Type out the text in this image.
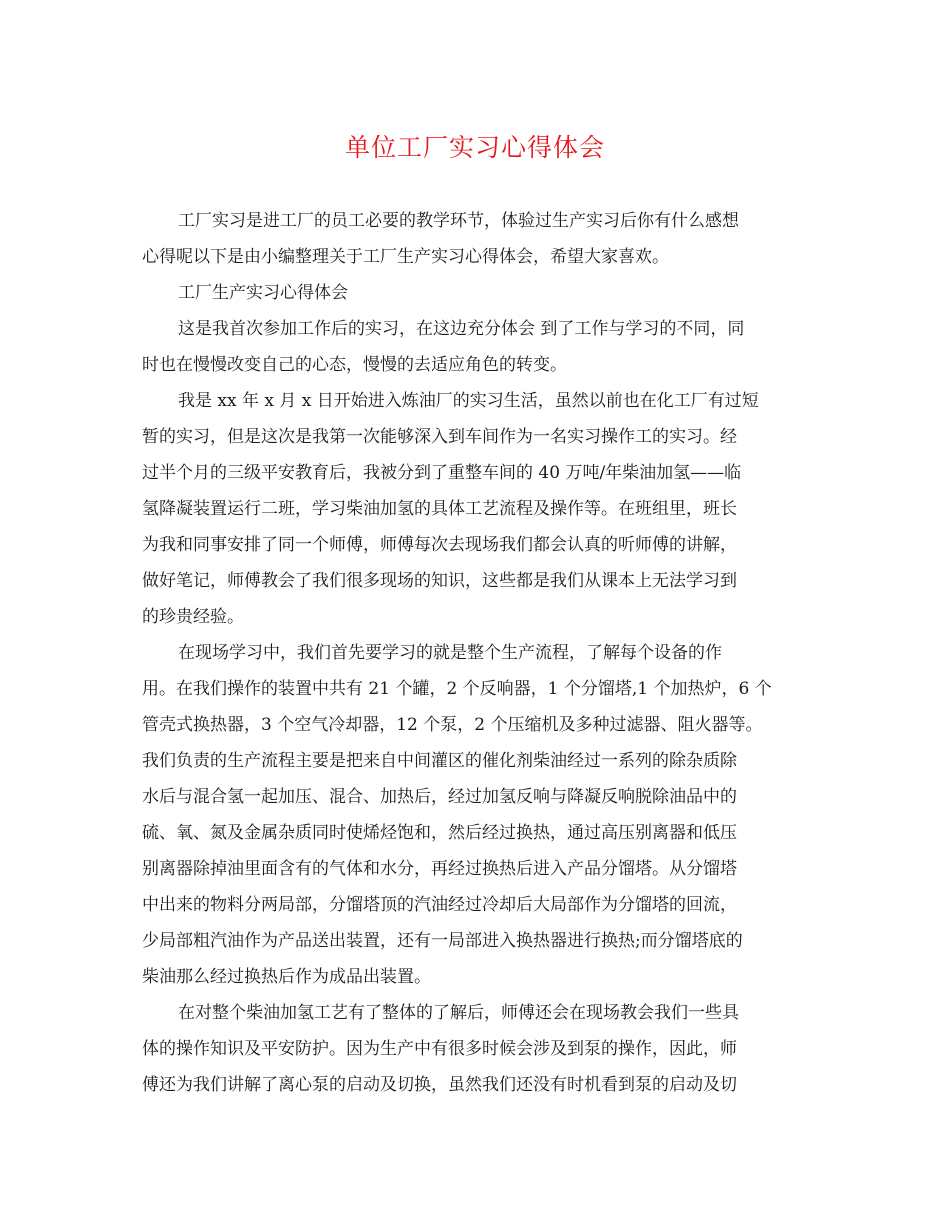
单位工厂实习心得体会
工厂实习是进工厂的员工必要的教学环节，体验过生产实习后你有什么感想
心得呢以下是由小编整理关于工厂生产实习心得体会，希望大家喜欢。
工厂生产实习心得体会
这是我首次参加工作后的实习，在这边充分体会 到了工作与学习的不同，同
时也在慢慢改变自己的心态，慢慢的去适应角色的转变。
我是 xx 年 x 月 x 日开始进入炼油厂的实习生活，虽然以前也在化工厂有过短
暂的实习，但是这次是我第一次能够深入到车间作为一名实习操作工的实习。经
过半个月的三级平安教育后，我被分到了重整车间的 40 万吨/年柴油加氢——临
氢降凝装置运行二班，学习柴油加氢的具体工艺流程及操作等。在班组里，班长
为我和同事安排了同一个师傅，师傅每次去现场我们都会认真的听师傅的讲解，
做好笔记，师傅教会了我们很多现场的知识，这些都是我们从课本上无法学习到
的珍贵经验。
在现场学习中，我们首先要学习的就是整个生产流程，了解每个设备的作
用。在我们操作的装置中共有 21 个罐，2 个反响器，1 个分馏塔,1 个加热炉，6 个
管壳式换热器，3 个空气冷却器，12 个泵，2 个压缩机及多种过滤器、阻火器等。
我们负责的生产流程主要是把来自中间灌区的催化剂柴油经过一系列的除杂质除
水后与混合氢一起加压、混合、加热后，经过加氢反响与降凝反响脱除油品中的
硫、氧、氮及金属杂质同时使烯烃饱和，然后经过换热，通过高压别离器和低压
别离器除掉油里面含有的气体和水分，再经过换热后进入产品分馏塔。从分馏塔
中出来的物料分两局部，分馏塔顶的汽油经过冷却后大局部作为分馏塔的回流，
少局部粗汽油作为产品送出装置，还有一局部进入换热器进行换热;而分馏塔底的
柴油那么经过换热后作为成品出装置。
在对整个柴油加氢工艺有了整体的了解后，师傅还会在现场教会我们一些具
体的操作知识及平安防护。因为生产中有很多时候会涉及到泵的操作，因此，师
傅还为我们讲解了离心泵的启动及切换，虽然我们还没有时机看到泵的启动及切
